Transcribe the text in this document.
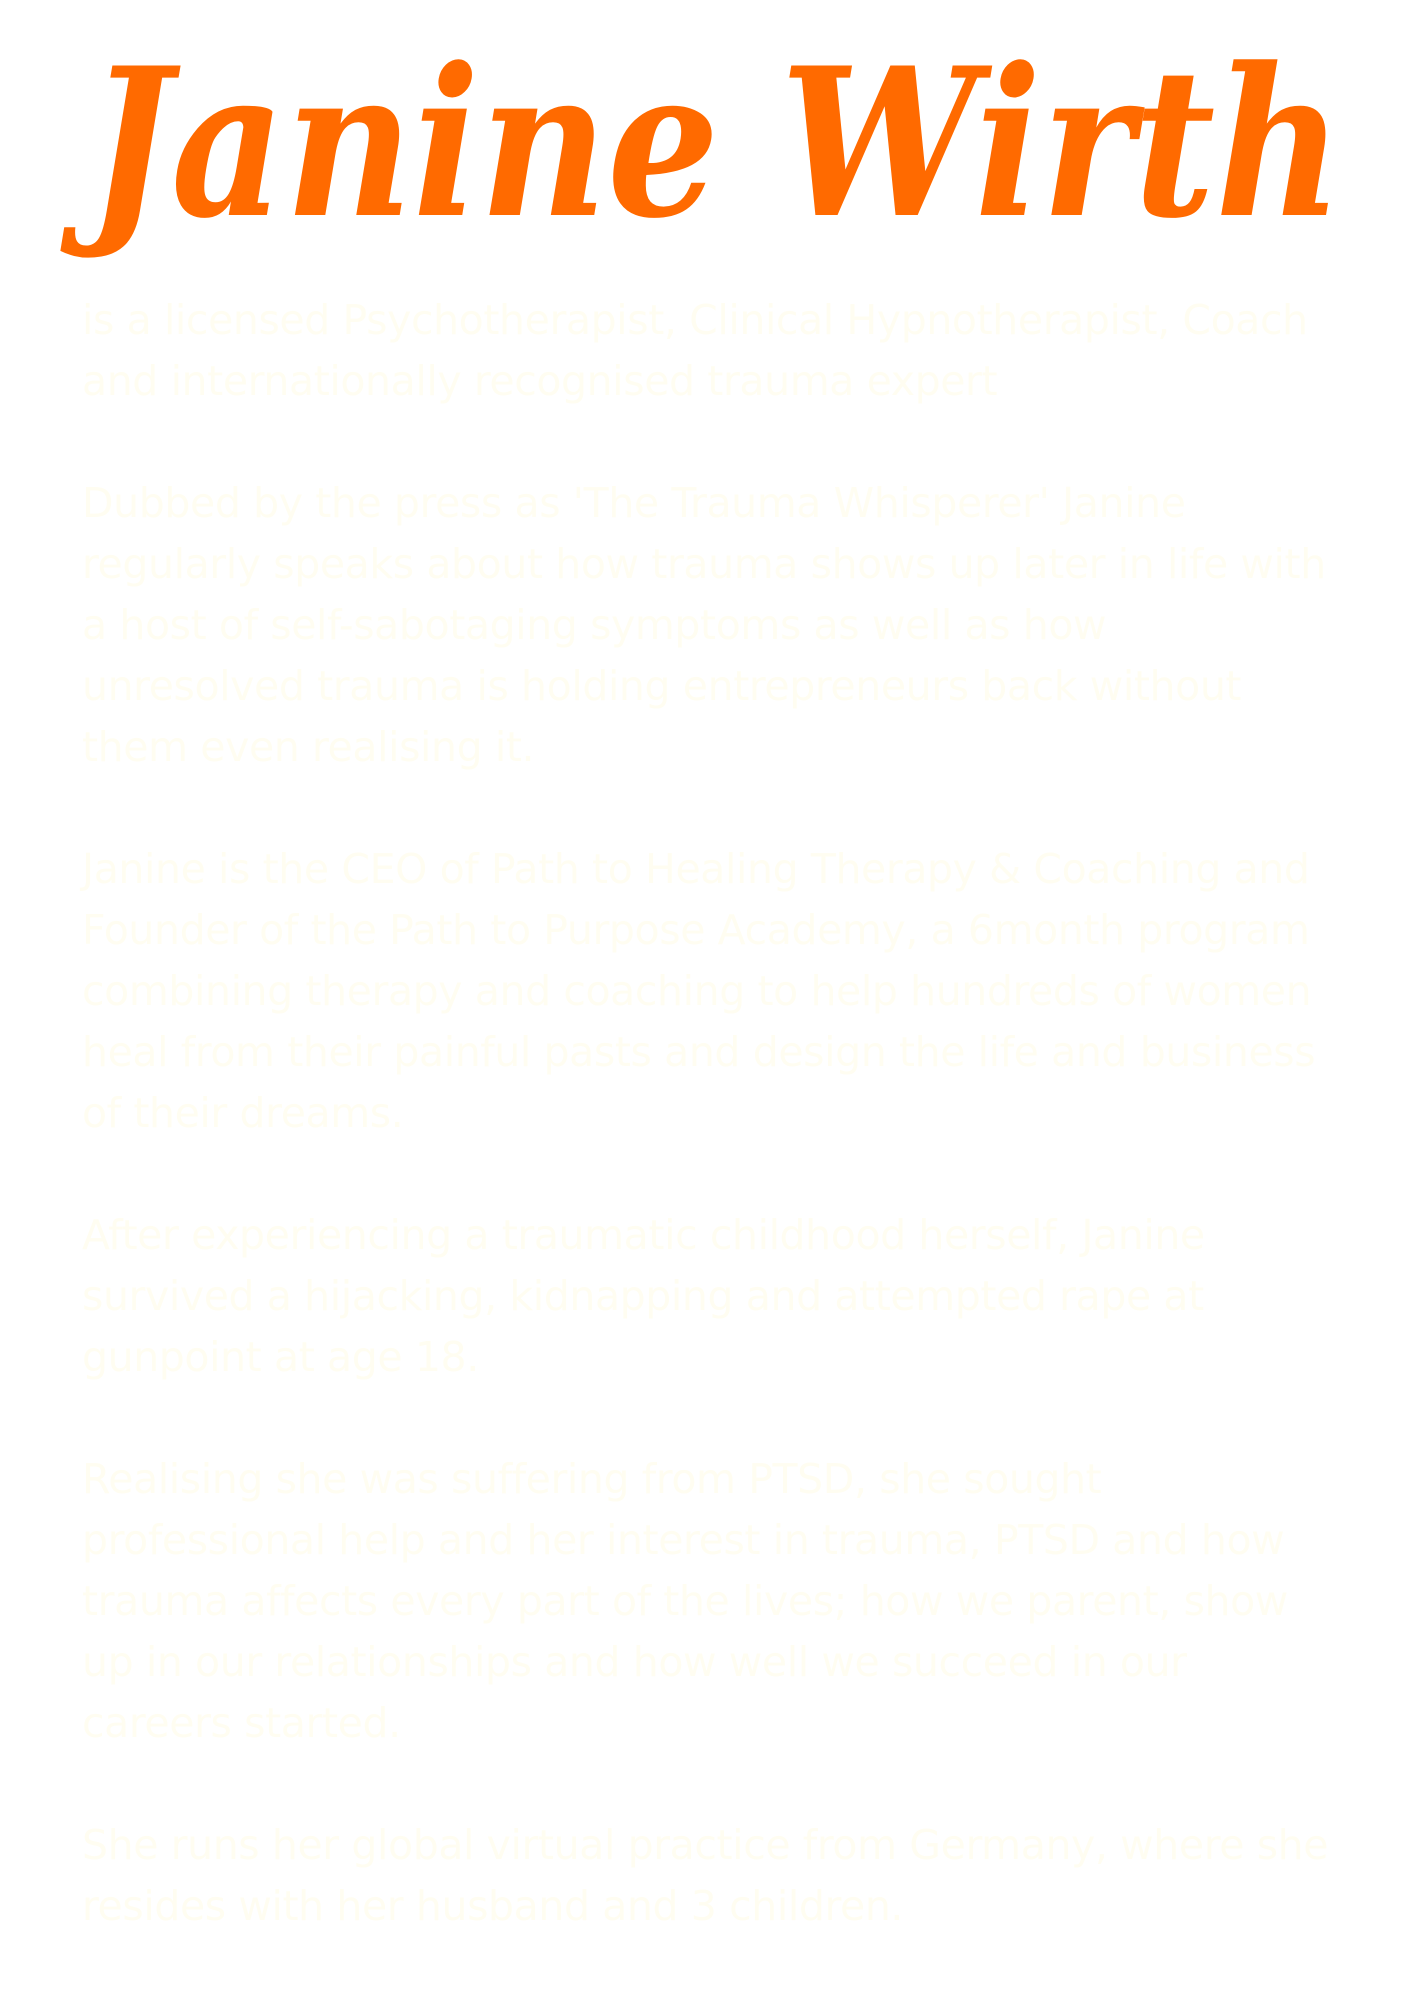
Janine Wirth

is a licensed Psychotherapist, Clinical Hypnotherapist, Coach and internationally recognised trauma expert

Dubbed by the press as 'The Trauma Whisperer' Janine regularly speaks about how trauma shows up later in life with a host of self-sabotaging symptoms as well as how unresolved trauma is holding entrepreneurs back without them even realising it.

Janine is the CEO of Path to Healing Therapy & Coaching and Founder of the Path to Purpose Academy, a 6month program combining therapy and coaching to help hundreds of women heal from their painful pasts and design the life and business of their dreams.

After experiencing a traumatic childhood herself, Janine survived a hijacking, kidnapping and attempted rape at gunpoint at age 18.

Realising she was suffering from PTSD, she sought professional help and her interest in trauma, PTSD and how trauma affects every part of the lives; how we parent, show up in our relationships and how well we succeed in our careers started.

She runs her global virtual practice from Germany, where she resides with her husband and 3 children.
